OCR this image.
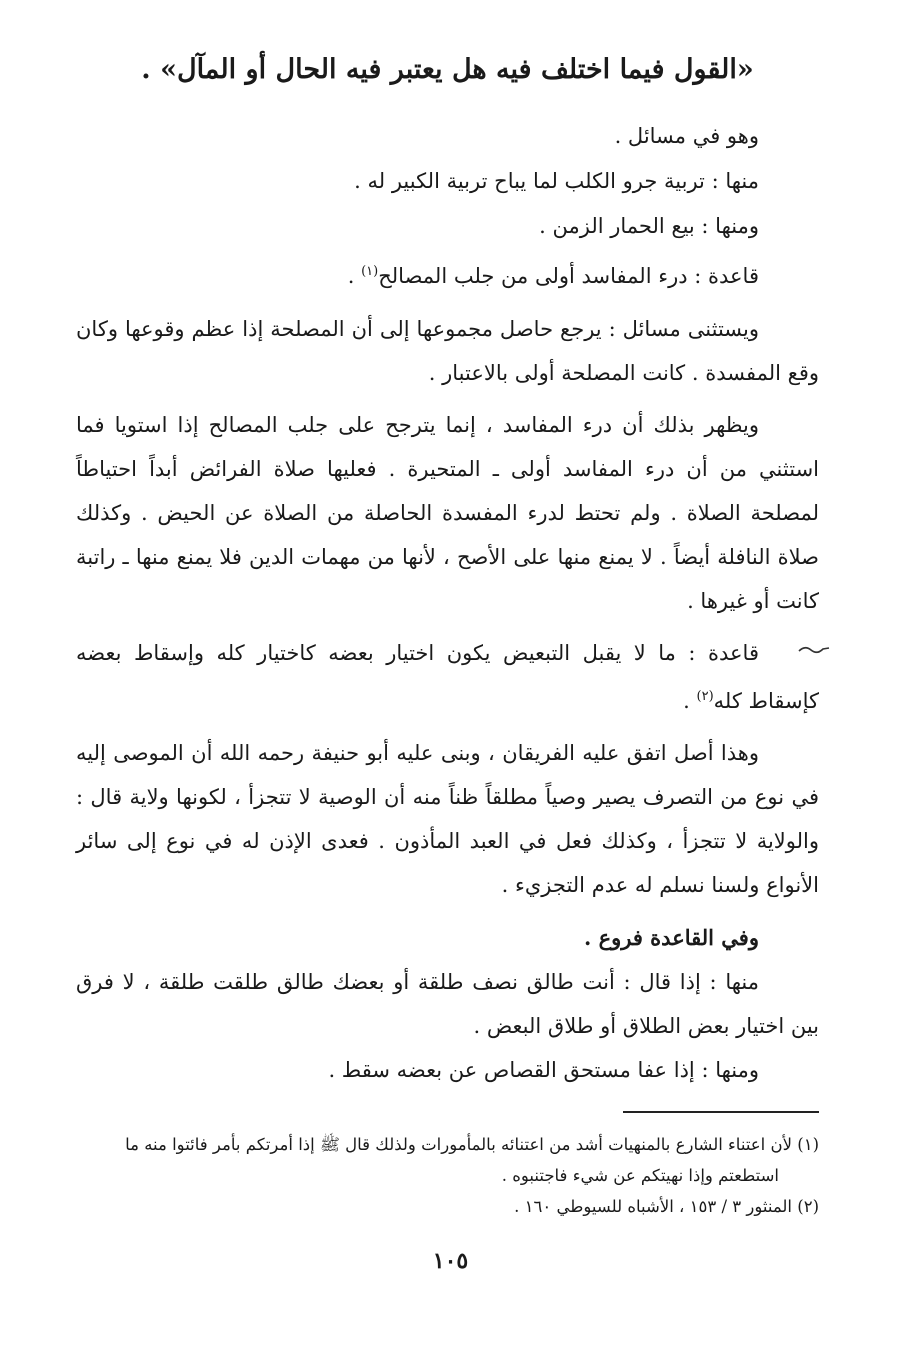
«القول فيما اختلف فيه هل يعتبر فيه الحال أو المآل» .

وهو في مسائل .

منها : تربية جرو الكلب لما يباح تربية الكبير له .

ومنها : بيع الحمار الزمن .

قاعدة : درء المفاسد أولى من جلب المصالح$^{(١)}$ .

ويستثنى مسائل : يرجع حاصل مجموعها إلى أن المصلحة إذا عظم وقوعها وكان وقع المفسدة . كانت المصلحة أولى بالاعتبار .

ويظهر بذلك أن درء المفاسد ، إنما يترجح على جلب المصالح إذا استويا فما استثني من أن درء المفاسد أولى ـ المتحيرة . فعليها صلاة الفرائض أبداً احتياطاً لمصلحة الصلاة . ولم تحتط لدرء المفسدة الحاصلة من الصلاة عن الحيض . وكذلك صلاة النافلة أيضاً . لا يمنع منها على الأصح ، لأنها من مهمات الدين فلا يمنع منها ـ راتبة كانت أو غيرها .

قاعدة : ما لا يقبل التبعيض يكون اختيار بعضه كاختيار كله وإسقاط بعضه كإسقاط كله$^{(٢)}$ .

وهذا أصل اتفق عليه الفريقان ، وبنى عليه أبو حنيفة رحمه الله أن الموصى إليه في نوع من التصرف يصير وصياً مطلقاً ظناً منه أن الوصية لا تتجزأ ، لكونها ولاية قال : والولاية لا تتجزأ ، وكذلك فعل في العبد المأذون . فعدى الإذن له في نوع إلى سائر الأنواع ولسنا نسلم له عدم التجزيء .

وفي القاعدة فروع .

منها : إذا قال : أنت طالق نصف طلقة أو بعضك طالق طلقت طلقة ، لا فرق بين اختيار بعض الطلاق أو طلاق البعض .

ومنها : إذا عفا مستحق القصاص عن بعضه سقط .

(١) لأن اعتناء الشارع بالمنهيات أشد من اعتنائه بالمأمورات ولذلك قال ﷺ إذا أمرتكم بأمر فائتوا منه ما
استطعتم وإذا نهيتكم عن شيء فاجتنبوه .

(٢) المنثور ٣ / ١٥٣ ، الأشباه للسيوطي ١٦٠ .

١٠٥
